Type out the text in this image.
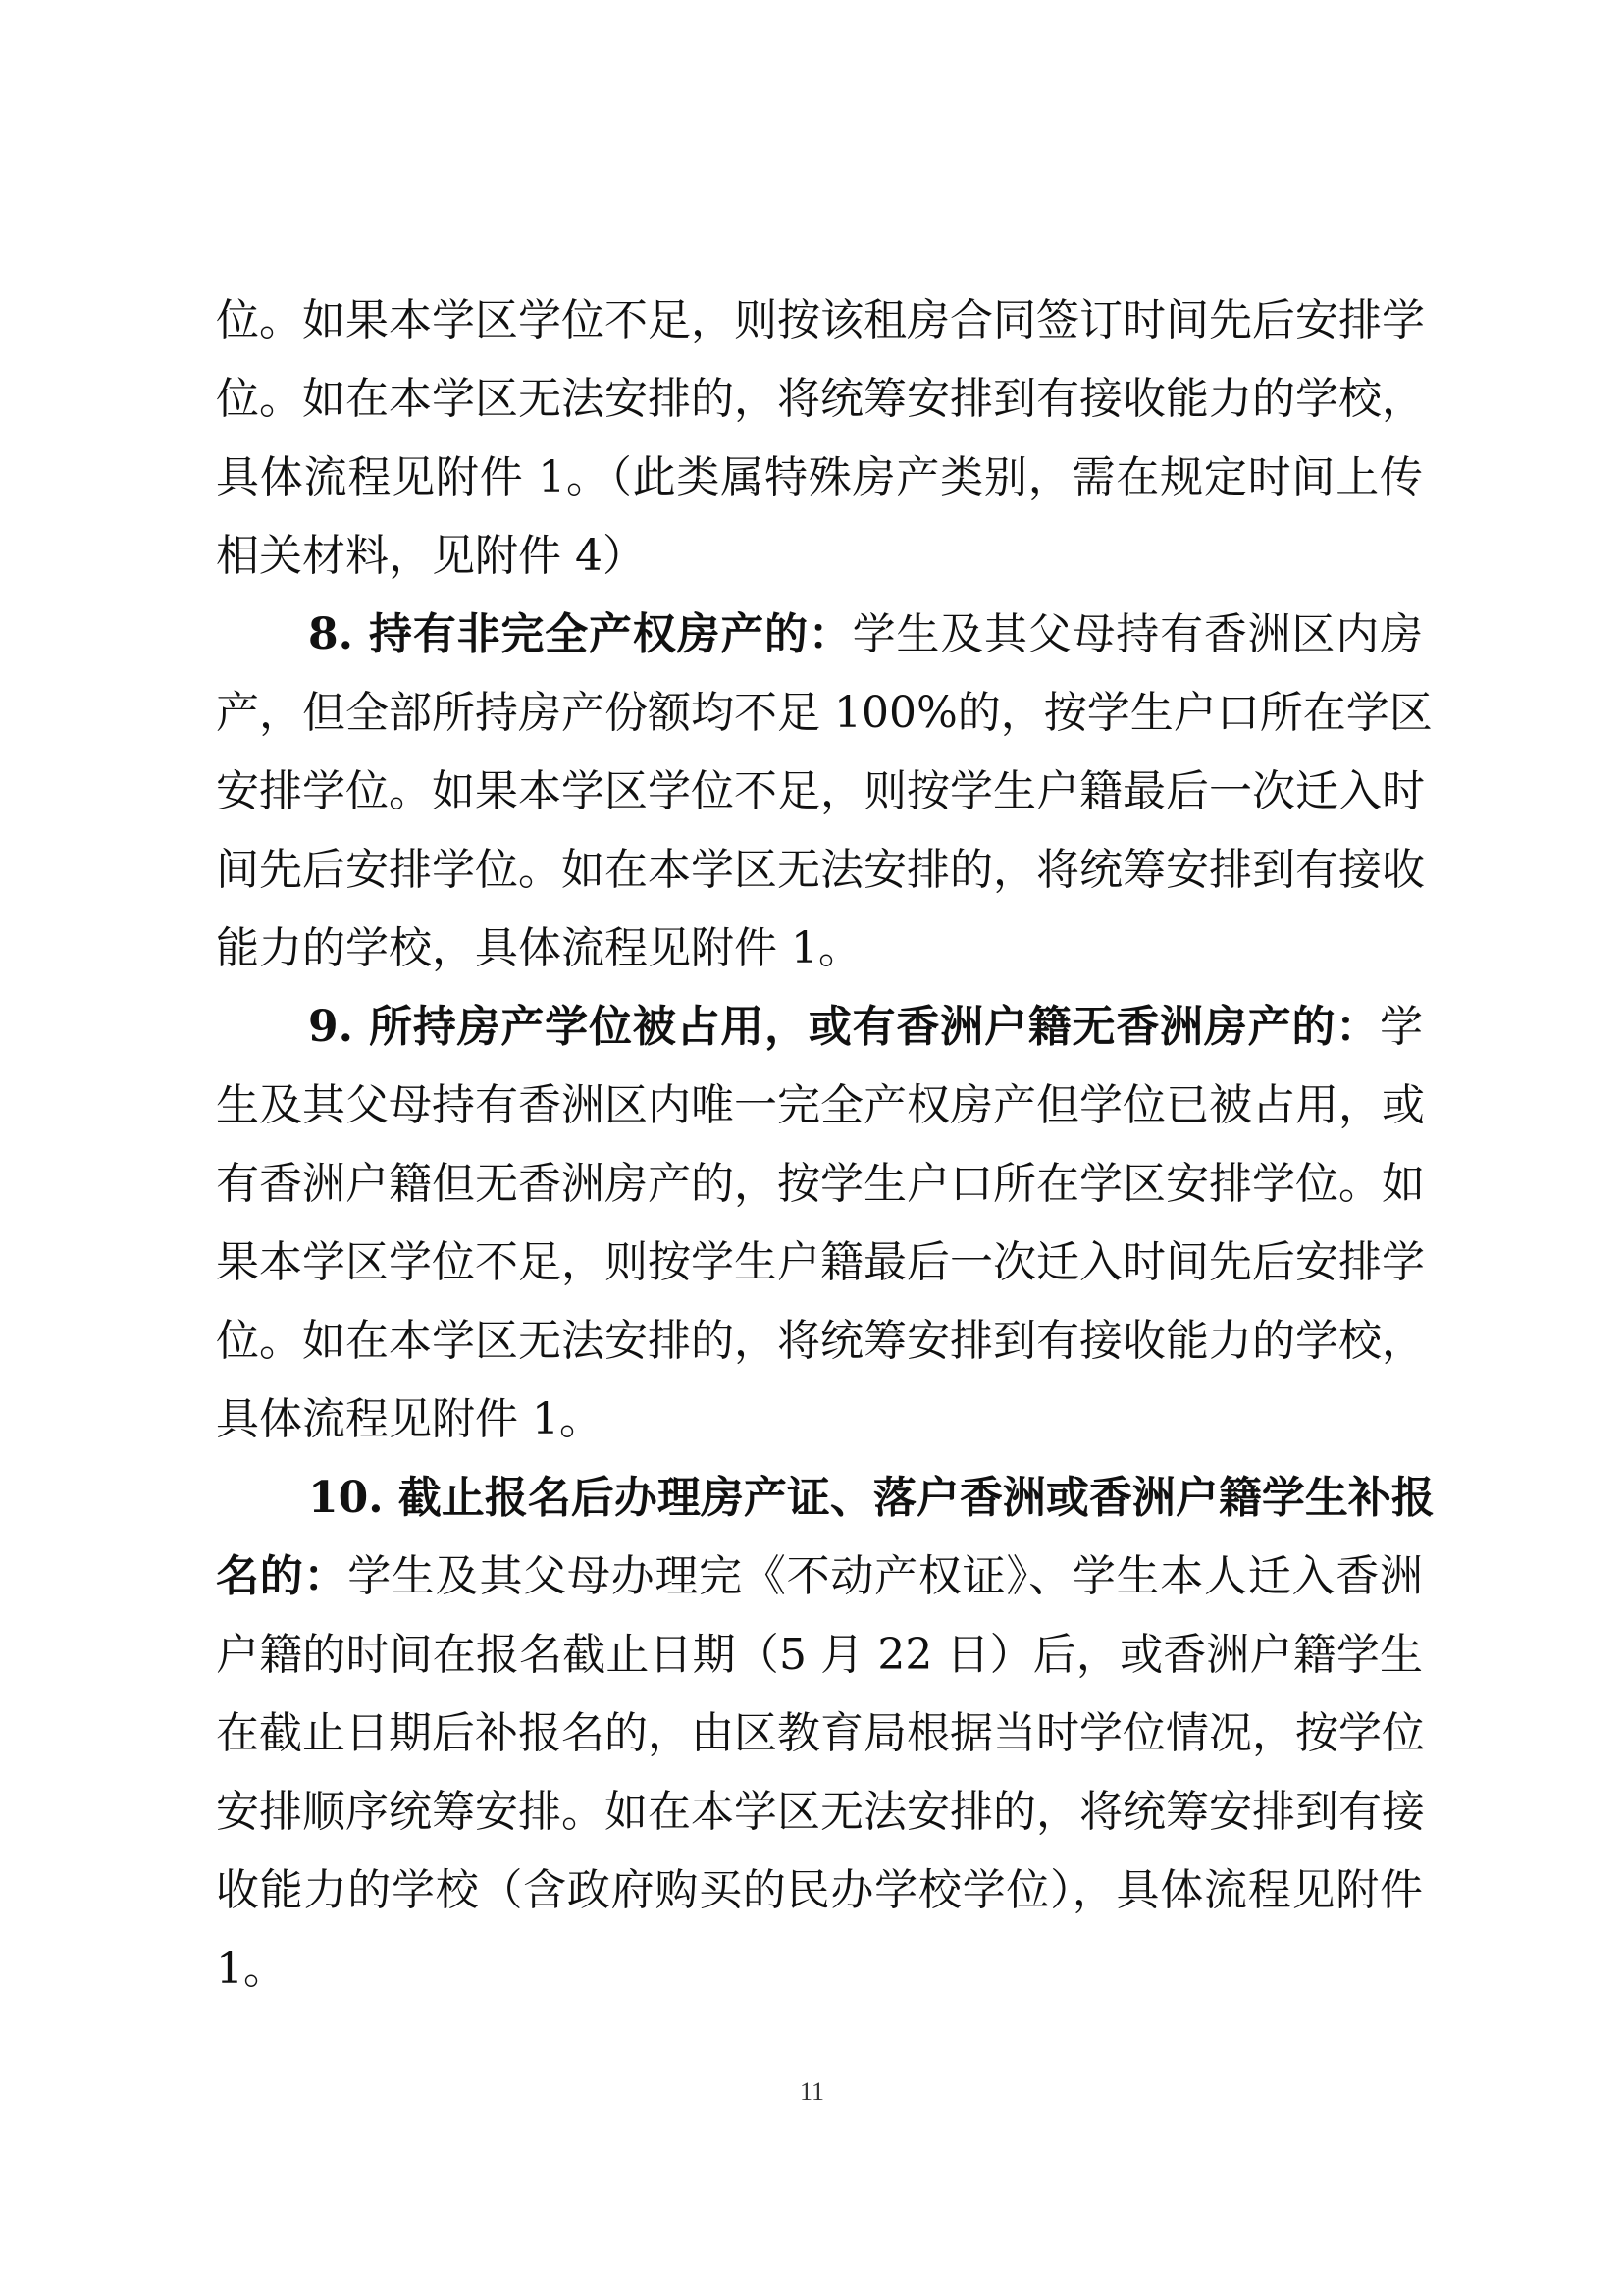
位。如果本学区学位不足，则按该租房合同签订时间先后安排学
位。如在本学区无法安排的，将统筹安排到有接收能力的学校，
具体流程见附件 1。（此类属特殊房产类别，需在规定时间上传
相关材料，见附件 4）
8. 持有非完全产权房产的：学生及其父母持有香洲区内房
产，但全部所持房产份额均不足 100%的，按学生户口所在学区
安排学位。如果本学区学位不足，则按学生户籍最后一次迁入时
间先后安排学位。如在本学区无法安排的，将统筹安排到有接收
能力的学校，具体流程见附件 1。
9. 所持房产学位被占用，或有香洲户籍无香洲房产的：学
生及其父母持有香洲区内唯一完全产权房产但学位已被占用，或
有香洲户籍但无香洲房产的，按学生户口所在学区安排学位。如
果本学区学位不足，则按学生户籍最后一次迁入时间先后安排学
位。如在本学区无法安排的，将统筹安排到有接收能力的学校，
具体流程见附件 1。
10. 截止报名后办理房产证、落户香洲或香洲户籍学生补报
名的：学生及其父母办理完《不动产权证》、学生本人迁入香洲
户籍的时间在报名截止日期（5 月 22 日）后，或香洲户籍学生
在截止日期后补报名的，由区教育局根据当时学位情况，按学位
安排顺序统筹安排。如在本学区无法安排的，将统筹安排到有接
收能力的学校（含政府购买的民办学校学位），具体流程见附件
1。
11
